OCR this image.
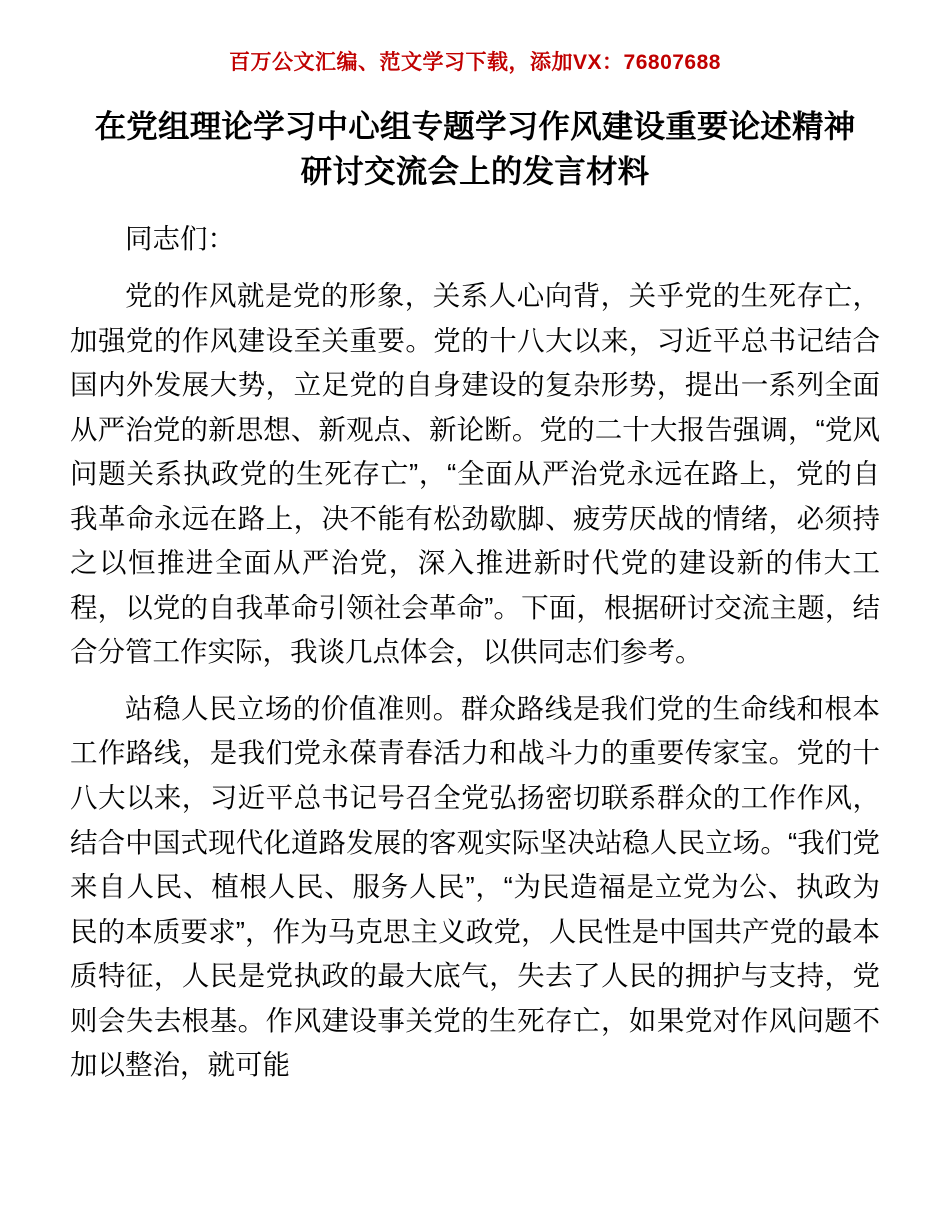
百万公文汇编、范文学习下载，添加VX：76807688
在党组理论学习中心组专题学习作风建设重要论述精神研讨交流会上的发言材料

同志们：

党的作风就是党的形象，关系人心向背，关乎党的生死存亡，加强党的作风建设至关重要。党的十八大以来，习近平总书记结合国内外发展大势，立足党的自身建设的复杂形势，提出一系列全面从严治党的新思想、新观点、新论断。党的二十大报告强调，“党风问题关系执政党的生死存亡”，“全面从严治党永远在路上，党的自我革命永远在路上，决不能有松劲歇脚、疲劳厌战的情绪，必须持之以恒推进全面从严治党，深入推进新时代党的建设新的伟大工程，以党的自我革命引领社会革命”。下面，根据研讨交流主题，结合分管工作实际，我谈几点体会，以供同志们参考。

站稳人民立场的价值准则。群众路线是我们党的生命线和根本工作路线，是我们党永葆青春活力和战斗力的重要传家宝。党的十八大以来，习近平总书记号召全党弘扬密切联系群众的工作作风，结合中国式现代化道路发展的客观实际坚决站稳人民立场。“我们党来自人民、植根人民、服务人民”，“为民造福是立党为公、执政为民的本质要求”，作为马克思主义政党，人民性是中国共产党的最本质特征，人民是党执政的最大底气，失去了人民的拥护与支持，党则会失去根基。作风建设事关党的生死存亡，如果党对作风问题不加以整治，就可能
